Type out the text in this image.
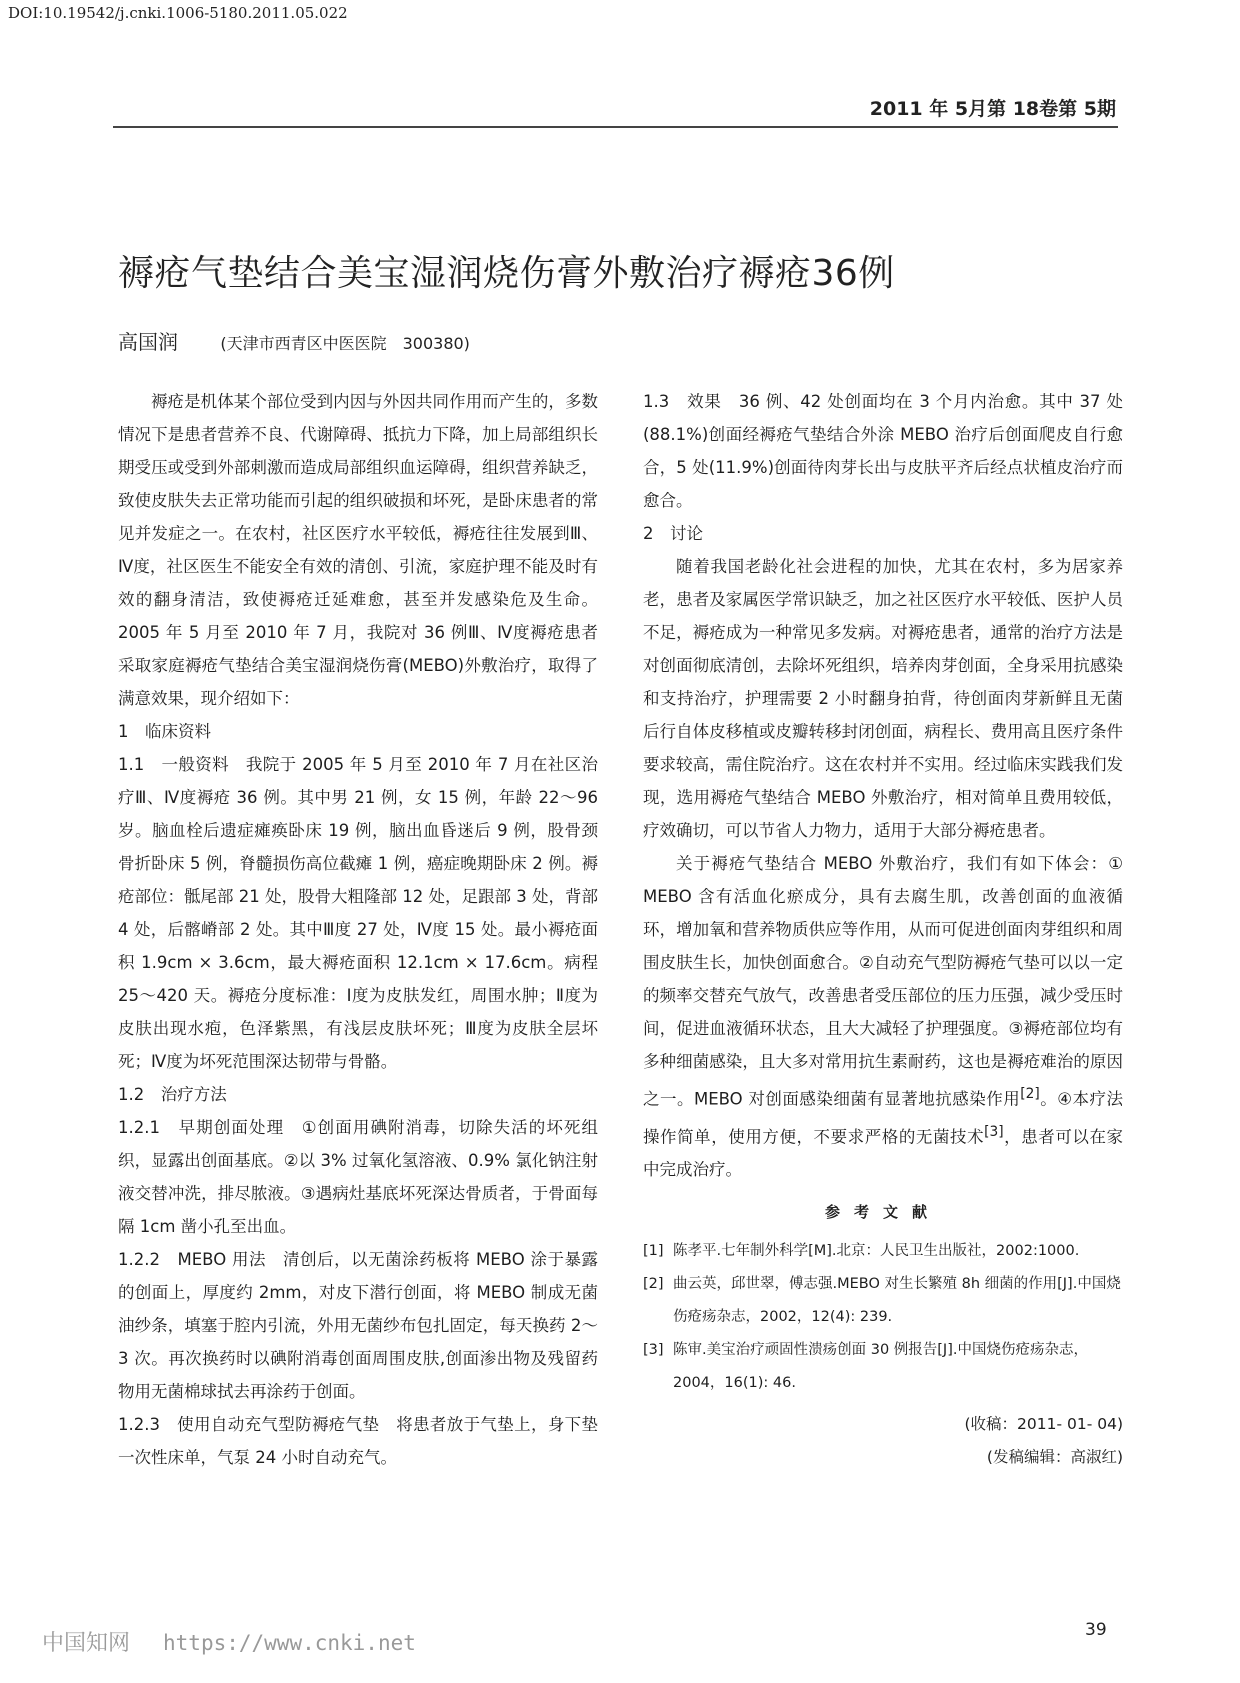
DOI:10.19542/j.cnki.1006-5180.2011.05.022
2011 年 5月第 18卷第 5期
褥疮气垫结合美宝湿润烧伤膏外敷治疗褥疮36例
高国润	(天津市西青区中医医院　300380)

褥疮是机体某个部位受到内因与外因共同作用而产生的，多数情况下是患者营养不良、代谢障碍、抵抗力下降，加上局部组织长期受压或受到外部刺激而造成局部组织血运障碍，组织营养缺乏，致使皮肤失去正常功能而引起的组织破损和坏死，是卧床患者的常见并发症之一。在农村，社区医疗水平较低，褥疮往往发展到Ⅲ、Ⅳ度，社区医生不能安全有效的清创、引流，家庭护理不能及时有效的翻身清洁，致使褥疮迁延难愈，甚至并发感染危及生命。2005 年 5 月至 2010 年 7 月，我院对 36 例Ⅲ、Ⅳ度褥疮患者采取家庭褥疮气垫结合美宝湿润烧伤膏(MEBO)外敷治疗，取得了满意效果，现介绍如下：

1　临床资料

1.1　一般资料　 我院于 2005 年 5 月至 2010 年 7 月在社区治疗Ⅲ、Ⅳ度褥疮 36 例。其中男 21 例，女 15 例，年龄 22～96 岁。脑血栓后遗症瘫痪卧床 19 例，脑出血昏迷后 9 例，股骨颈骨折卧床 5 例，脊髓损伤高位截瘫 1 例，癌症晚期卧床 2 例。褥疮部位：骶尾部 21 处，股骨大粗隆部 12 处，足跟部 3 处，背部 4 处，后髂嵴部 2 处。其中Ⅲ度 27 处，Ⅳ度 15 处。最小褥疮面积 1.9cm × 3.6cm，最大褥疮面积 12.1cm × 17.6cm。病程 25～420 天。褥疮分度标准：Ⅰ度为皮肤发红，周围水肿；Ⅱ度为皮肤出现水疱，色泽紫黑，有浅层皮肤坏死；Ⅲ度为皮肤全层坏死；Ⅳ度为坏死范围深达韧带与骨骼。

1.2　治疗方法

1.2.1　早期创面处理　 ①创面用碘附消毒，切除失活的坏死组织，显露出创面基底。②以 3% 过氧化氢溶液、0.9% 氯化钠注射液交替冲洗，排尽脓液。③遇病灶基底坏死深达骨质者，于骨面每隔 1cm 凿小孔至出血。

1.2.2　MEBO 用法　 清创后，以无菌涂药板将 MEBO 涂于暴露的创面上，厚度约 2mm，对皮下潜行创面，将 MEBO 制成无菌油纱条，填塞于腔内引流，外用无菌纱布包扎固定，每天换药 2～3 次。再次换药时以碘附消毒创面周围皮肤,创面渗出物及残留药物用无菌棉球拭去再涂药于创面。

1.2.3　使用自动充气型防褥疮气垫　 将患者放于气垫上，身下垫一次性床单，气泵 24 小时自动充气。

1.3　效果　 36 例、42 处创面均在 3 个月内治愈。其中 37 处(88.1%)创面经褥疮气垫结合外涂 MEBO 治疗后创面爬皮自行愈合，5 处(11.9%)创面待肉芽长出与皮肤平齐后经点状植皮治疗而愈合。

2　讨论

随着我国老龄化社会进程的加快，尤其在农村，多为居家养老，患者及家属医学常识缺乏，加之社区医疗水平较低、医护人员不足，褥疮成为一种常见多发病。对褥疮患者，通常的治疗方法是对创面彻底清创，去除坏死组织，培养肉芽创面，全身采用抗感染和支持治疗，护理需要 2 小时翻身拍背，待创面肉芽新鲜且无菌后行自体皮移植或皮瓣转移封闭创面，病程长、费用高且医疗条件要求较高，需住院治疗。这在农村并不实用。经过临床实践我们发现，选用褥疮气垫结合 MEBO 外敷治疗，相对简单且费用较低，疗效确切，可以节省人力物力，适用于大部分褥疮患者。

关于褥疮气垫结合 MEBO 外敷治疗，我们有如下体会：① MEBO 含有活血化瘀成分，具有去腐生肌，改善创面的血液循环，增加氧和营养物质供应等作用，从而可促进创面肉芽组织和周围皮肤生长，加快创面愈合。②自动充气型防褥疮气垫可以以一定的频率交替充气放气，改善患者受压部位的压力压强，减少受压时间，促进血液循环状态，且大大减轻了护理强度。③褥疮部位均有多种细菌感染，且大多对常用抗生素耐药，这也是褥疮难治的原因之一。MEBO 对创面感染细菌有显著地抗感染作用[2]。④本疗法操作简单，使用方便，不要求严格的无菌技术[3]，患者可以在家中完成治疗。

参考文献
[1] 陈孝平.七年制外科学[M].北京：人民卫生出版社，2002:1000.
[2] 曲云英，邱世翠，傅志强.MEBO 对生长繁殖 8h 细菌的作用[J].中国烧伤疮疡杂志，2002，12(4): 239.
[3] 陈审.美宝治疗顽固性溃疡创面 30 例报告[J].中国烧伤疮疡杂志，2004，16(1): 46.
(收稿：2011- 01- 04)
(发稿编辑：高淑红)
39
中国知网 https://www.cnki.net
